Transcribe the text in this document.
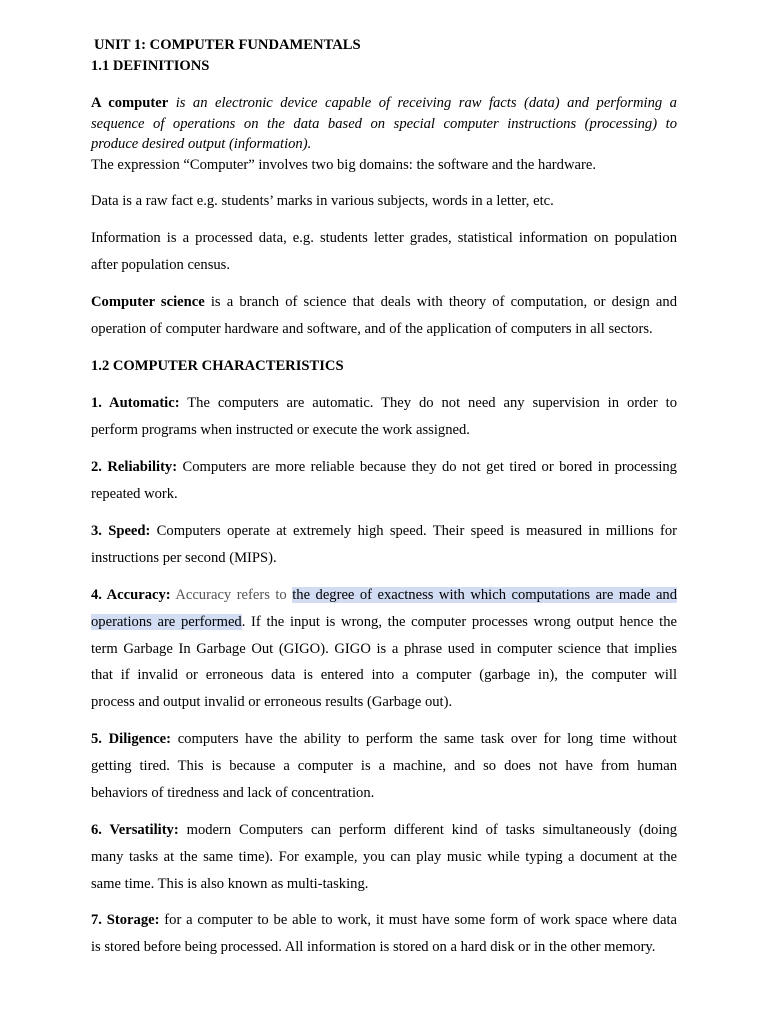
UNIT 1: COMPUTER FUNDAMENTALS
1.1 DEFINITIONS
A computer is an electronic device capable of receiving raw facts (data) and performing a
sequence of operations on the data based on special computer instructions (processing) to
produce desired output (information).
The expression “Computer” involves two big domains: the software and the hardware.
Data is a raw fact e.g. students’ marks in various subjects, words in a letter, etc.
Information is a processed data, e.g. students letter grades, statistical information on population
after population census.
Computer science is a branch of science that deals with theory of computation, or design and
operation of computer hardware and software, and of the application of computers in all sectors.
1.2 COMPUTER CHARACTERISTICS
1. Automatic: The computers are automatic. They do not need any supervision in order to
perform programs when instructed or execute the work assigned.
2. Reliability: Computers are more reliable because they do not get tired or bored in processing
repeated work.
3. Speed: Computers operate at extremely high speed. Their speed is measured in millions for
instructions per second (MIPS).
4. Accuracy: Accuracy refers to the degree of exactness with which computations are made and
operations are performed. If the input is wrong, the computer processes wrong output hence the
term Garbage In Garbage Out (GIGO). GIGO is a phrase used in computer science that implies
that if invalid or erroneous data is entered into a computer (garbage in), the computer will
process and output invalid or erroneous results (Garbage out).
5. Diligence: computers have the ability to perform the same task over for long time without
getting tired. This is because a computer is a machine, and so does not have from human
behaviors of tiredness and lack of concentration.
6. Versatility: modern Computers can perform different kind of tasks simultaneously (doing
many tasks at the same time). For example, you can play music while typing a document at the
same time. This is also known as multi-tasking.
7. Storage: for a computer to be able to work, it must have some form of work space where data
is stored before being processed. All information is stored on a hard disk or in the other memory.
